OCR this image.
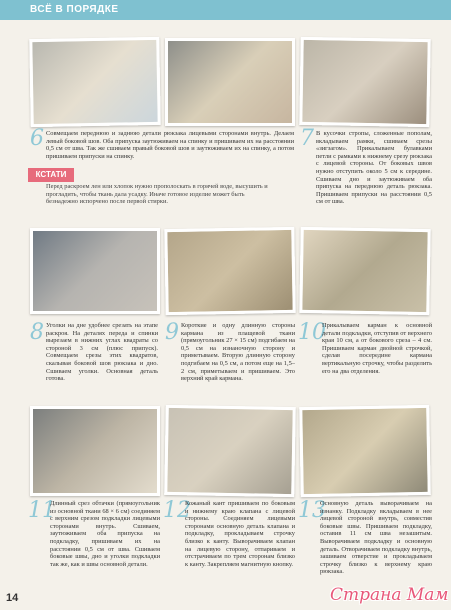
ВСЁ В ПОРЯДКЕ
6 Совмещаем переднюю и заднюю детали рюкзака лицевыми сторонами внутрь. Делаем левый боковой шов. Оба припуска заутюживаем на спинку и пришиваем их на расстоянии 0,5 см от шва. Так же сшиваем правый боковой шов и заутюживаем их на спинку, а потом пришиваем припуски на спинку.
7 В кусочки стропы, сложенные пополам, вкладываем рамки, сшиваем срезы «зигзагом». Прикалываем булавками петли с рамками к нижнему срезу рюкзака с лицевой стороны. От боковых швов нужно отступить около 5 см к середине. Сшиваем дно и заутюживаем оба припуска на переднюю деталь рюкзака. Пришиваем припуски на расстоянии 0,5 см от шва.
КСТАТИ
Перед раскроем лен или хлопок нужно прополоскать в горячей воде, высушить и прогладить, чтобы ткань дала усадку. Иначе готовое изделие может быть безнадежно испорчено после первой стирки.
8 Уголки на дне удобнее срезать на этапе раскроя. На деталях переда и спинки вырезаем в нижних углах квадраты со стороной 3 см (плюс припуск). Совмещаем срезы этих квадратов, скалывая боковой шов рюкзака и дно. Сшиваем уголки. Основная деталь готова.
9 Короткие и одну длинную стороны кармана из плащевой ткани (прямоугольник 27 × 15 см) подгибаем на 0,5 см на изнаночную сторону и приметываем. Вторую длинную сторону подгибаем на 0,5 см, а потом еще на 1,5–2 см, приметываем и пришиваем. Это верхний край кармана.
10
Прикалываем карман к основной детали подкладки, отступив от верхнего края 10 см, а от бокового среза – 4 см. Пришиваем карман двойной строчкой, сделав посередине кармана вертикальную строчку, чтобы разделить его на два отделения.
11
Длинный срез обтачки (прямоугольник из основной ткани 68 × 6 см) соединяем с верхним срезом подкладки лицевыми сторонами внутрь. Сшиваем, заутюживаем оба припуска на подкладку, пришиваем их на расстоянии 0,5 см от шва. Сшиваем боковые швы, дно и уголки подкладки так же, как и швы основной детали.
12
Кожаный кант пришиваем по боковым и нижнему краю клапана с лицевой стороны. Соединяем лицевыми сторонами основную деталь клапана и подкладку, прокладываем строчку близко к канту. Выворачиваем клапан на лицевую сторону, отпариваем и отстрачиваем по трем сторонам близко к канту. Закрепляем магнитную кнопку.
13
Основную деталь выворачиваем на изнанку. Подкладку вкладываем в нее лицевой стороной внутрь, совместив боковые швы. Пришиваем подкладку, оставив 11 см шва незашитым. Выворачиваем подкладку и основную деталь. Отворачиваем подкладку внутрь, зашиваем отверстие и прокладываем строчку близко к верхнему краю рюкзака.
14	Страна Мам
